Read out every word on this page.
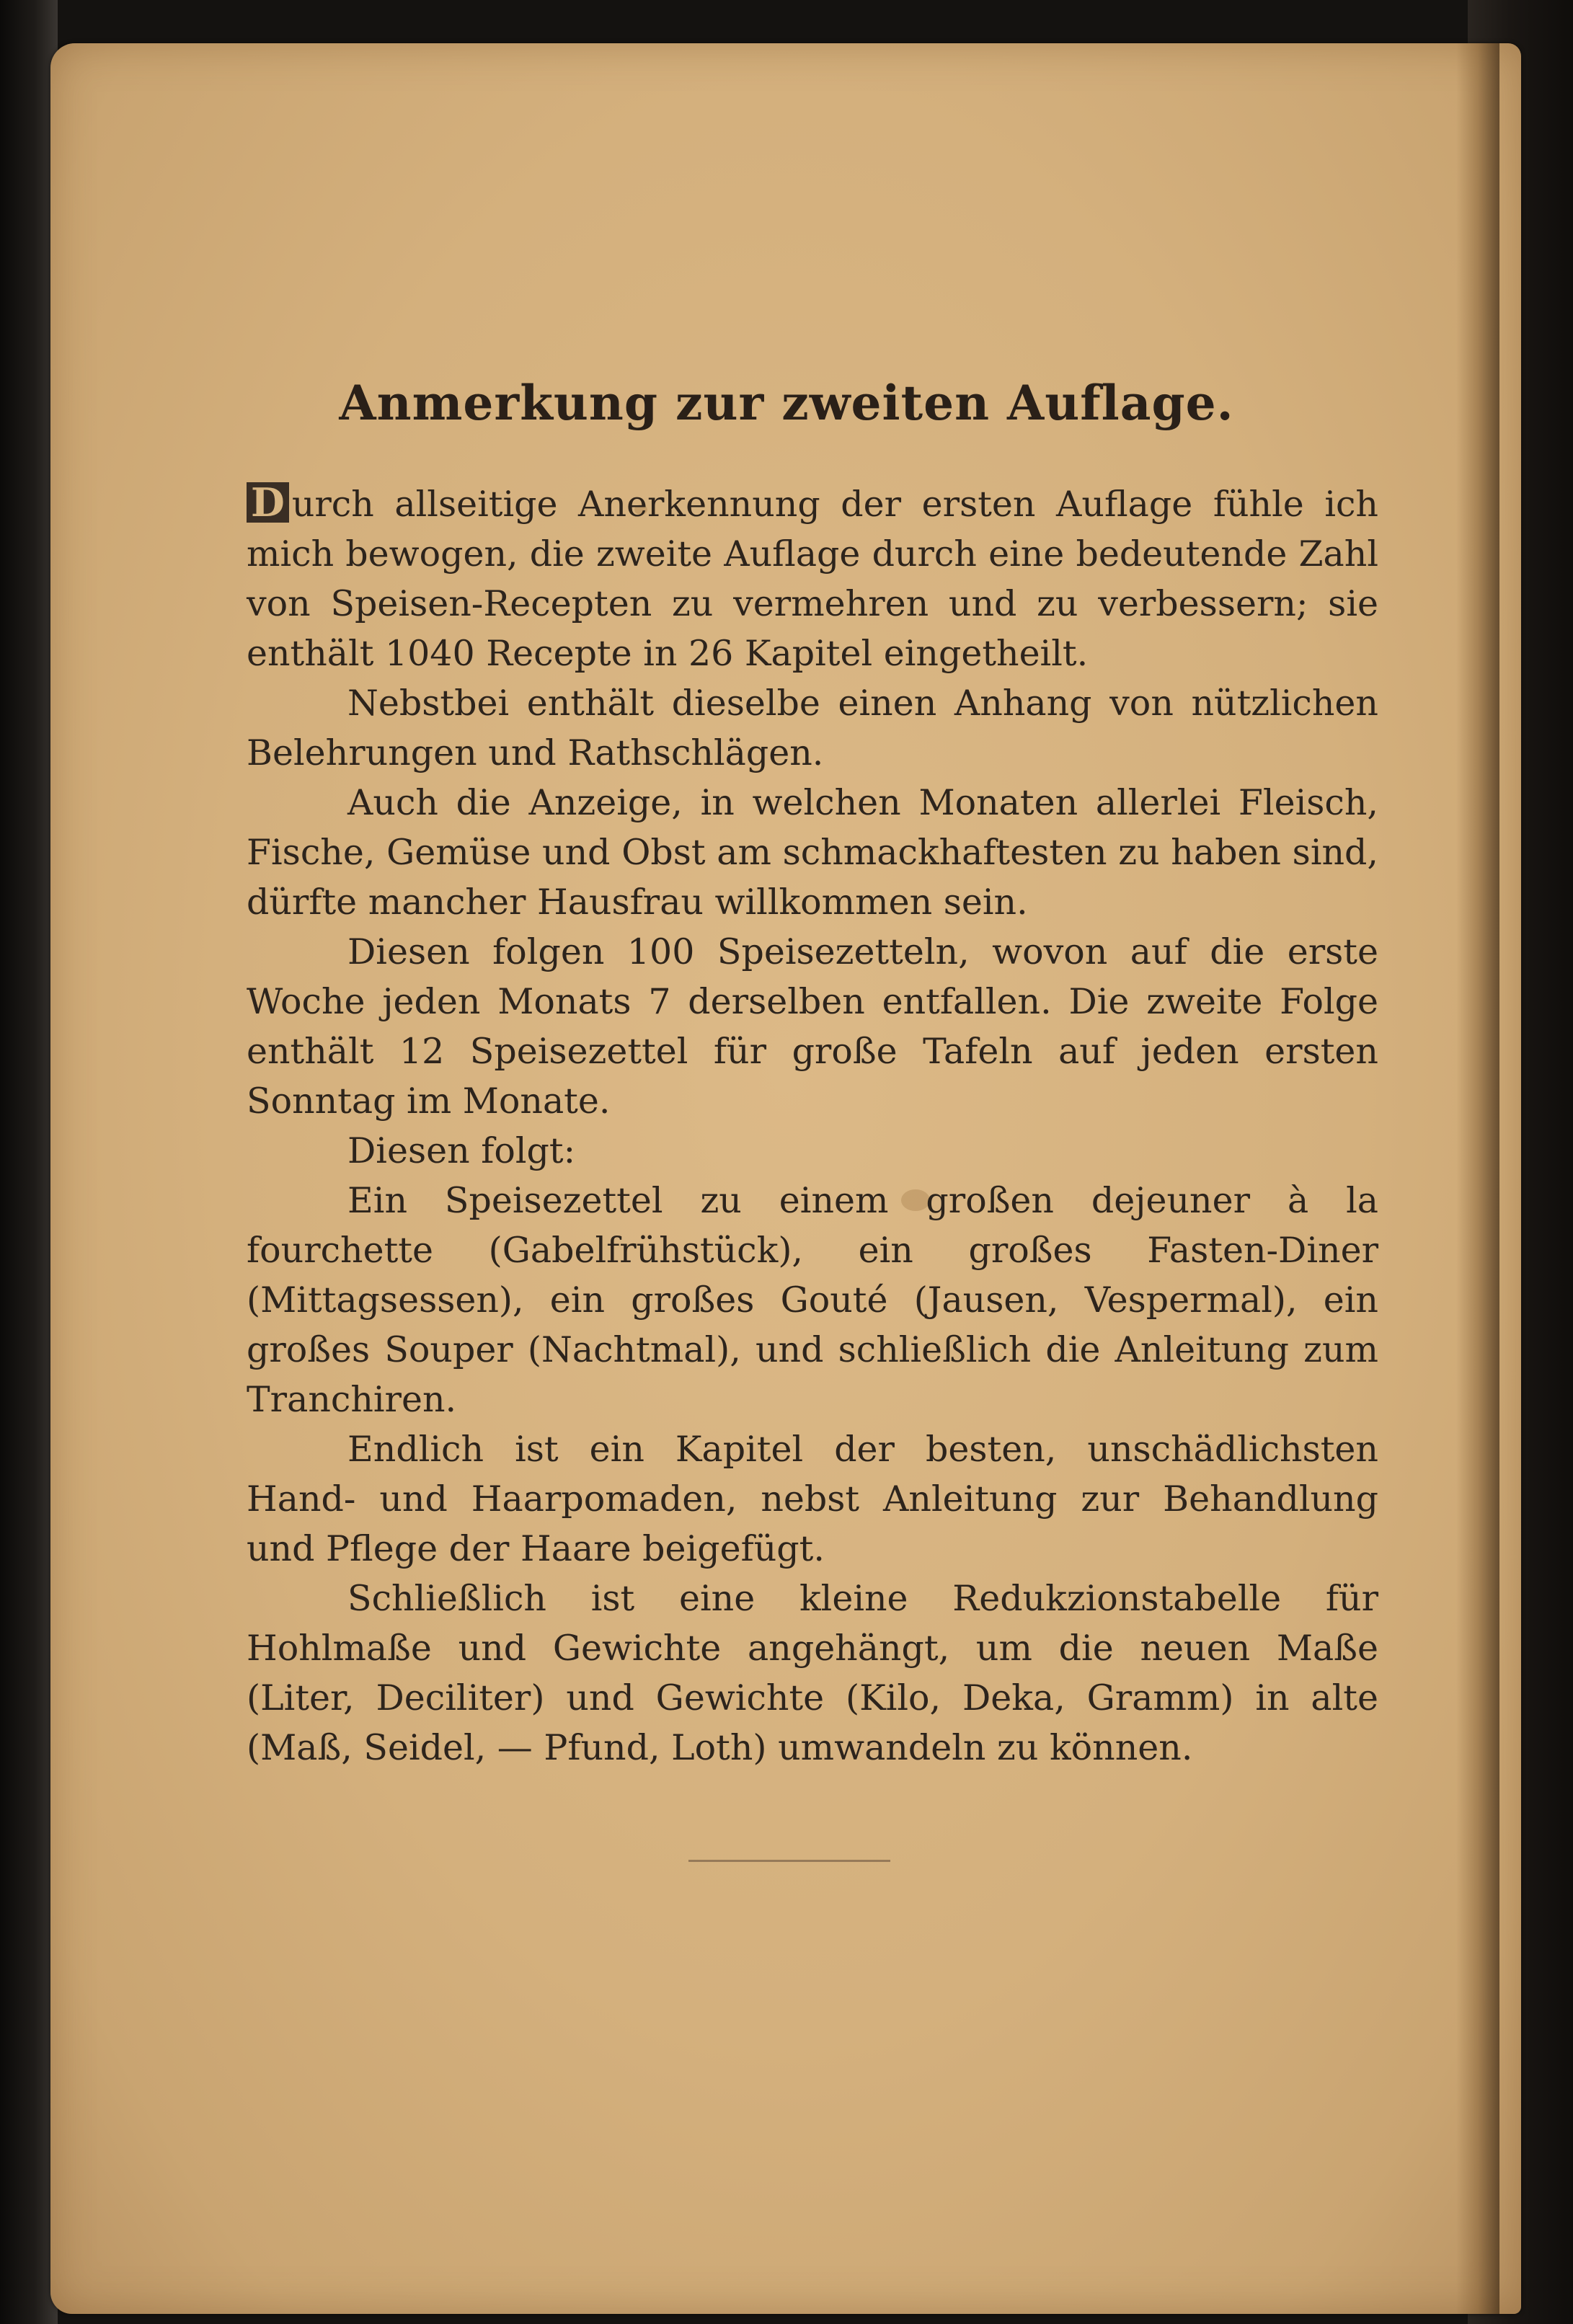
Anmerkung zur zweiten Auflage.

D urch allseitige Anerkennung der ersten Auflage fühle ich mich bewogen, die zweite Auflage durch eine bedeutende Zahl von Speisen-Recepten zu vermehren und zu verbessern; sie enthält 1040 Recepte in 26 Kapitel eingetheilt.

Nebstbei enthält dieselbe einen Anhang von nützlichen Belehrungen und Rathschlägen.

Auch die Anzeige, in welchen Monaten allerlei Fleisch, Fische, Gemüse und Obst am schmackhaftesten zu haben sind, dürfte mancher Hausfrau willkommen sein.

Diesen folgen 100 Speisezetteln, wovon auf die erste Woche jeden Monats 7 derselben entfallen. Die zweite Folge enthält 12 Speisezettel für große Tafeln auf jeden ersten Sonntag im Monate.

Diesen folgt:

Ein Speisezettel zu einem großen dejeuner à la fourchette (Gabelfrühstück), ein großes Fasten-Diner (Mittagsessen), ein großes Gouté (Jausen, Vespermal), ein großes Souper (Nachtmal), und schließlich die Anleitung zum Tranchiren.

Endlich ist ein Kapitel der besten, unschädlichsten Hand- und Haarpomaden, nebst Anleitung zur Behandlung und Pflege der Haare beigefügt.

Schließlich ist eine kleine Redukzionstabelle für Hohlmaße und Gewichte angehängt, um die neuen Maße (Liter, Deciliter) und Gewichte (Kilo, Deka, Gramm) in alte (Maß, Seidel, — Pfund, Loth) umwandeln zu können.
